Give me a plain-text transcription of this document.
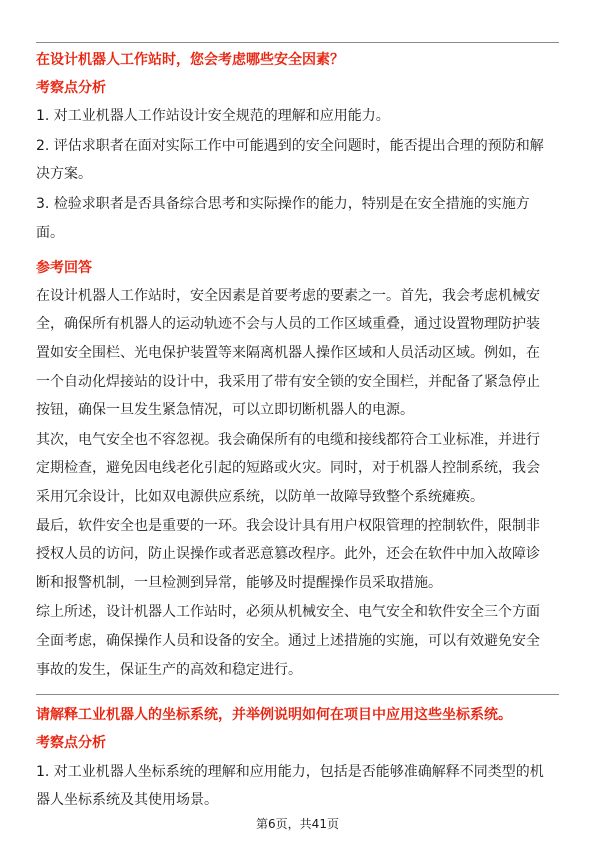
在设计机器人工作站时，您会考虑哪些安全因素？
考察点分析
1. 对工业机器人工作站设计安全规范的理解和应用能力。
2. 评估求职者在面对实际工作中可能遇到的安全问题时，能否提出合理的预防和解
决方案。
3. 检验求职者是否具备综合思考和实际操作的能力，特别是在安全措施的实施方
面。
参考回答
在设计机器人工作站时，安全因素是首要考虑的要素之一。首先，我会考虑机械安
全，确保所有机器人的运动轨迹不会与人员的工作区域重叠，通过设置物理防护装
置如安全围栏、光电保护装置等来隔离机器人操作区域和人员活动区域。例如，在
一个自动化焊接站的设计中，我采用了带有安全锁的安全围栏，并配备了紧急停止
按钮，确保一旦发生紧急情况，可以立即切断机器人的电源。
其次，电气安全也不容忽视。我会确保所有的电缆和接线都符合工业标准，并进行
定期检查，避免因电线老化引起的短路或火灾。同时，对于机器人控制系统，我会
采用冗余设计，比如双电源供应系统，以防单一故障导致整个系统瘫痪。
最后，软件安全也是重要的一环。我会设计具有用户权限管理的控制软件，限制非
授权人员的访问，防止误操作或者恶意篡改程序。此外，还会在软件中加入故障诊
断和报警机制，一旦检测到异常，能够及时提醒操作员采取措施。
综上所述，设计机器人工作站时，必须从机械安全、电气安全和软件安全三个方面
全面考虑，确保操作人员和设备的安全。通过上述措施的实施，可以有效避免安全
事故的发生，保证生产的高效和稳定进行。
请解释工业机器人的坐标系统，并举例说明如何在项目中应用这些坐标系统。
考察点分析
1. 对工业机器人坐标系统的理解和应用能力，包括是否能够准确解释不同类型的机
器人坐标系统及其使用场景。
第6页，共41页
